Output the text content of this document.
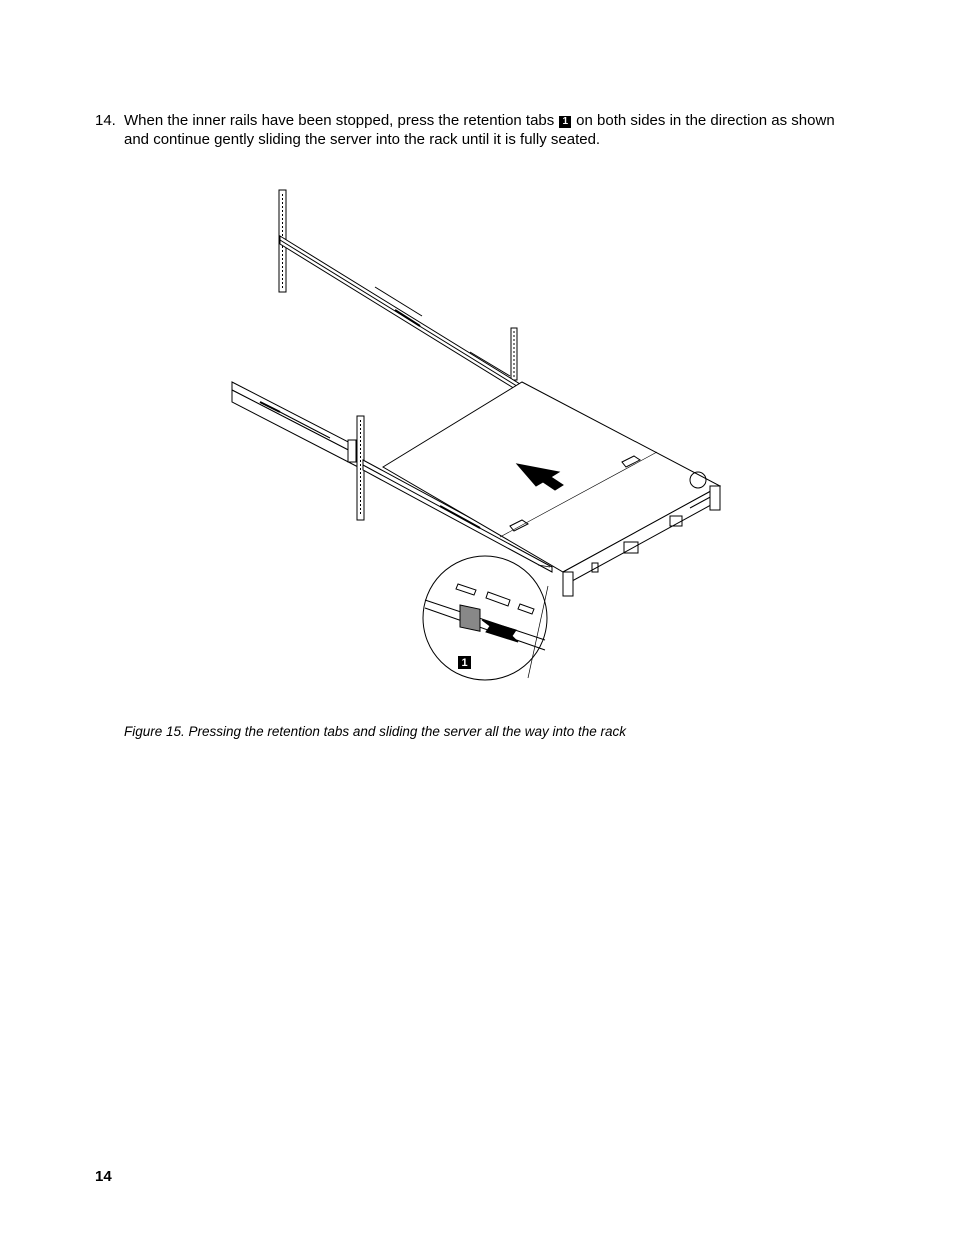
14. When the inner rails have been stopped, press the retention tabs 1 on both sides in the direction as shown and continue gently sliding the server into the rack until it is fully seated.
1
Figure 15. Pressing the retention tabs and sliding the server all the way into the rack
14
